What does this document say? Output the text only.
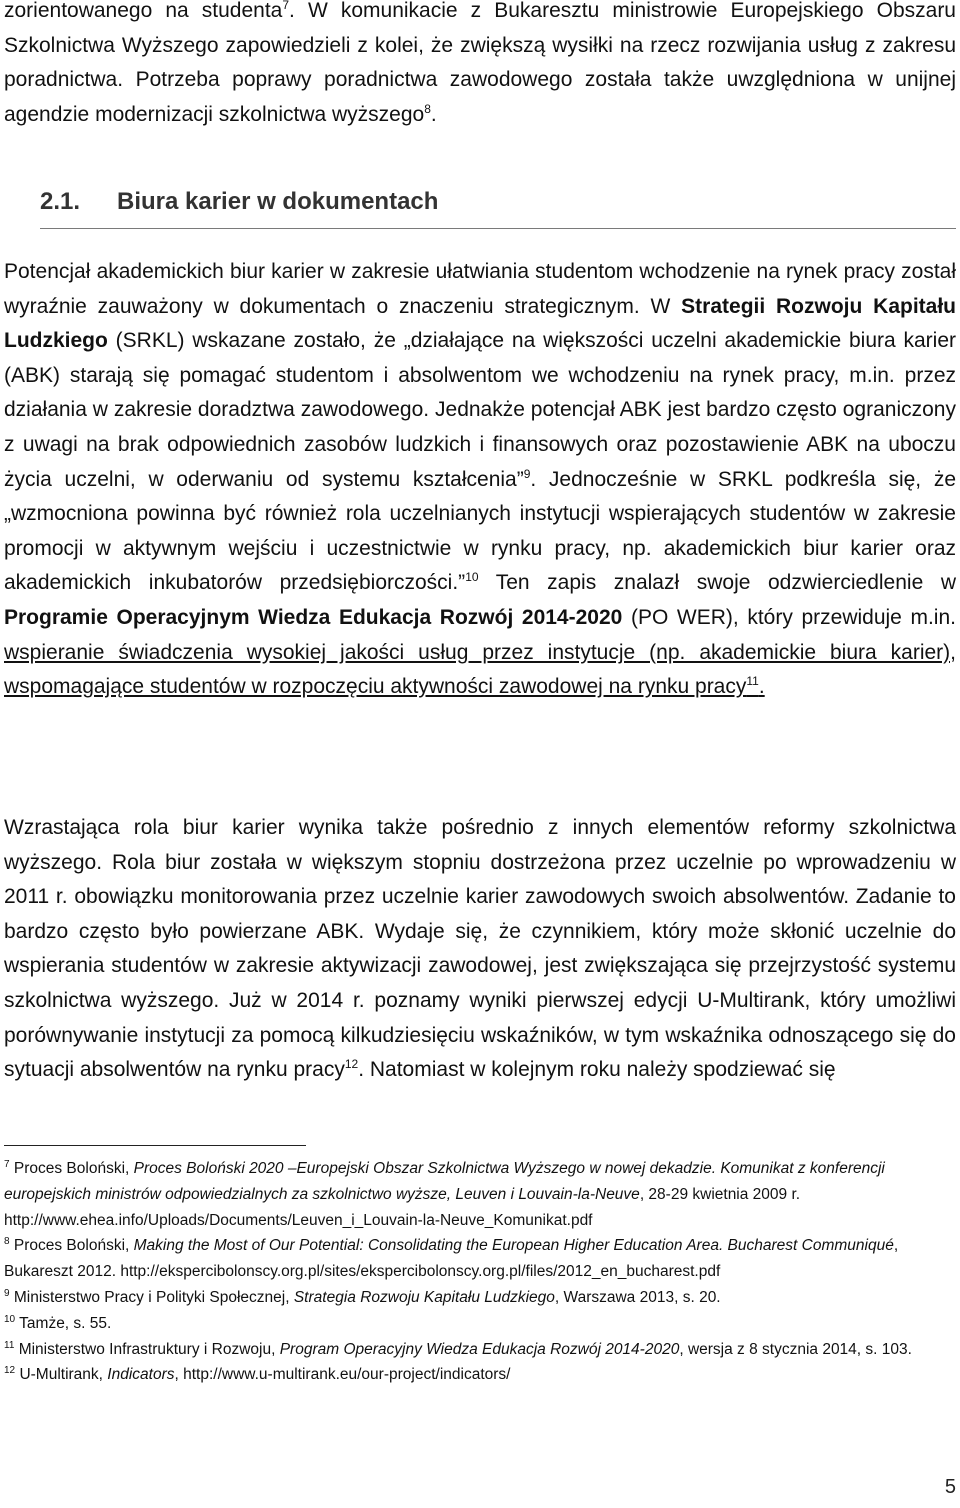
zorientowanego na studenta$^7$. W komunikacie z Bukaresztu ministrowie Europejskiego Obszaru Szkolnictwa Wyższego zapowiedzieli z kolei, że zwiększą wysiłki na rzecz rozwijania usług z zakresu poradnictwa. Potrzeba poprawy poradnictwa zawodowego została także uwzględniona w unijnej agendzie modernizacji szkolnictwa wyższego$^8$.

2.1. Biura karier w dokumentach

Potencjał akademickich biur karier w zakresie ułatwiania studentom wchodzenie na rynek pracy został wyraźnie zauważony w dokumentach o znaczeniu strategicznym. W Strategii Rozwoju Kapitału Ludzkiego (SRKL) wskazane zostało, że „działające na większości uczelni akademickie biura karier (ABK) starają się pomagać studentom i absolwentom we wchodzeniu na rynek pracy, m.in. przez działania w zakresie doradztwa zawodowego. Jednakże potencjał ABK jest bardzo często ograniczony z uwagi na brak odpowiednich zasobów ludzkich i finansowych oraz pozostawienie ABK na uboczu życia uczelni, w oderwaniu od systemu kształcenia”$^9$. Jednocześnie w SRKL podkreśla się, że „wzmocniona powinna być również rola uczelnianych instytucji wspierających studentów w zakresie promocji w aktywnym wejściu i uczestnictwie w rynku pracy, np. akademickich biur karier oraz akademickich inkubatorów przedsiębiorczości.”$^{10}$ Ten zapis znalazł swoje odzwierciedlenie w Programie Operacyjnym Wiedza Edukacja Rozwój 2014-2020 (PO WER), który przewiduje m.in. wspieranie świadczenia wysokiej jakości usług przez instytucje (np. akademickie biura karier), wspomagające studentów w rozpoczęciu aktywności zawodowej na rynku pracy$^{11}$.

Wzrastająca rola biur karier wynika także pośrednio z innych elementów reformy szkolnictwa wyższego. Rola biur została w większym stopniu dostrzeżona przez uczelnie po wprowadzeniu w 2011 r. obowiązku monitorowania przez uczelnie karier zawodowych swoich absolwentów. Zadanie to bardzo często było powierzane ABK. Wydaje się, że czynnikiem, który może skłonić uczelnie do wspierania studentów w zakresie aktywizacji zawodowej, jest zwiększająca się przejrzystość systemu szkolnictwa wyższego. Już w 2014 r. poznamy wyniki pierwszej edycji U-Multirank, który umożliwi porównywanie instytucji za pomocą kilkudziesięciu wskaźników, w tym wskaźnika odnoszącego się do sytuacji absolwentów na rynku pracy$^{12}$. Natomiast w kolejnym roku należy spodziewać się

$^7$ Proces Boloński, Proces Boloński 2020 –Europejski Obszar Szkolnictwa Wyższego w nowej dekadzie. Komunikat z konferencji europejskich ministrów odpowiedzialnych za szkolnictwo wyższe, Leuven i Louvain-la-Neuve, 28-29 kwietnia 2009 r. http://www.ehea.info/Uploads/Documents/Leuven_i_Louvain-la-Neuve_Komunikat.pdf

$^8$ Proces Boloński, Making the Most of Our Potential: Consolidating the European Higher Education Area. Bucharest Communiqué, Bukareszt 2012. http://ekspercibolonscy.org.pl/sites/ekspercibolonscy.org.pl/files/2012_en_bucharest.pdf

$^9$ Ministerstwo Pracy i Polityki Społecznej, Strategia Rozwoju Kapitału Ludzkiego, Warszawa 2013, s. 20.

$^{10}$ Tamże, s. 55.

$^{11}$ Ministerstwo Infrastruktury i Rozwoju, Program Operacyjny Wiedza Edukacja Rozwój 2014-2020, wersja z 8 stycznia 2014, s. 103.

$^{12}$ U-Multirank, Indicators, http://www.u-multirank.eu/our-project/indicators/

5
